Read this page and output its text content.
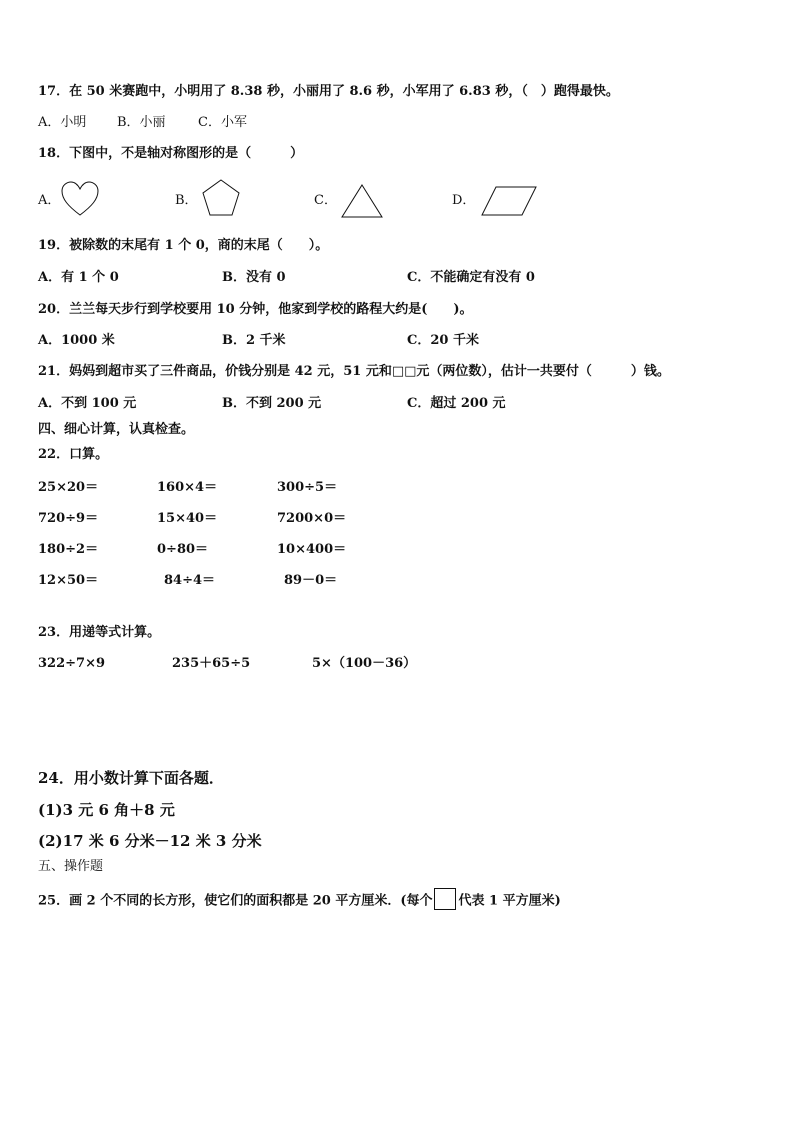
17．在 50 米赛跑中，小明用了 8.38 秒，小丽用了 8.6 秒，小军用了 6.83 秒，（　）跑得最快。
A．小明 B．小丽 C．小军
18．下图中，不是轴对称图形的是（　　　）
A．	B．	C．	D．
19．被除数的末尾有 1 个 0，商的末尾（　　）。
A．有 1 个 0	B．没有 0	C．不能确定有没有 0
20．兰兰每天步行到学校要用 10 分钟，他家到学校的路程大约是(　　)。
A．1000 米	B．2 千米	C．20 千米
21．妈妈到超市买了三件商品，价钱分别是 42 元，51 元和□□元（两位数），估计一共要付（　　　）钱。
A．不到 100 元	B．不到 200 元	C．超过 200 元
四、细心计算，认真检查。
22．口算。
25×20＝	160×4＝	300÷5＝
720÷9＝	15×40＝	7200×0＝
180÷2＝	0÷80＝	10×400＝
12×50＝	84÷4＝	89－0＝
23．用递等式计算。
322÷7×9	235＋65÷5	5×（100－36）
24．用小数计算下面各题．
(1)3 元 6 角＋8 元
(2)17 米 6 分米－12 米 3 分米
五、操作题
25．画 2 个不同的长方形，使它们的面积都是 20 平方厘米．(每个 代表 1 平方厘米)
